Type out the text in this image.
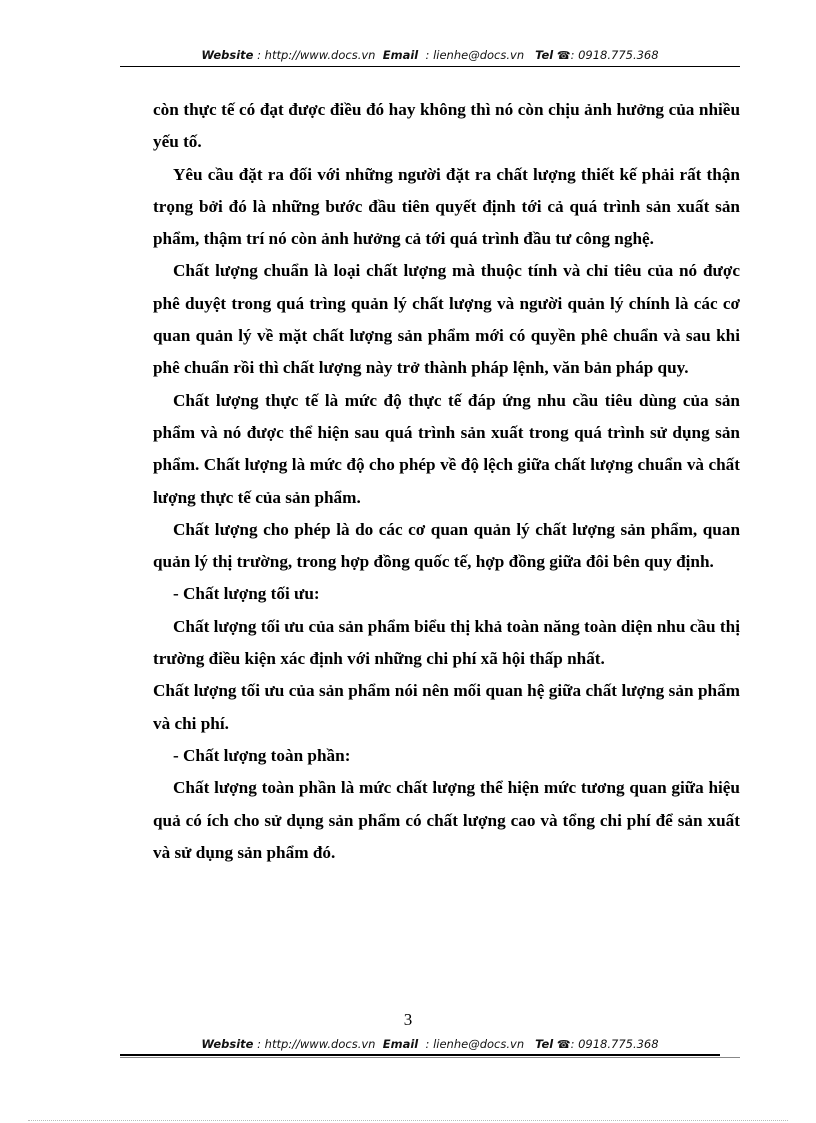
Website : http://www.docs.vn Email  : lienhe@docs.vn Tel ☎: 0918.775.368

còn thực tế có đạt được điều đó hay không thì nó còn chịu ảnh hưởng của nhiều yếu tố.

Yêu cầu đặt ra đối với những người đặt ra chất lượng thiết kế phải rất thận trọng bởi đó là những bước đầu tiên quyết định tới cả quá trình sản xuất sản phẩm, thậm trí nó còn ảnh hưởng cả tới quá trình đầu tư công nghệ.

Chất lượng chuẩn là loại chất lượng mà thuộc tính và chỉ tiêu của nó được phê duyệt trong quá trìng quản lý chất lượng và người quản lý chính là các cơ quan quản lý về mặt chất lượng sản phẩm mới có quyền phê chuẩn và sau khi phê chuẩn rồi thì chất lượng này trở thành pháp lệnh, văn bản pháp quy.

Chất lượng thực tế là mức độ thực tế đáp ứng nhu cầu tiêu dùng của sản phẩm và nó được thể hiện sau quá trình sản xuất trong quá trình sử dụng sản phẩm. Chất lượng là mức độ cho phép về độ lệch giữa chất lượng chuẩn và chất lượng thực tế của sản phẩm.

Chất lượng cho phép là do các cơ quan quản lý chất lượng sản phẩm, quan quản lý thị trường, trong hợp đồng quốc tế, hợp đồng giữa đôi bên quy định.

- Chất lượng tối ưu:

Chất lượng tối ưu của sản phẩm biểu thị khả toàn năng toàn diện nhu cầu thị trường điều kiện xác định với những chi phí xã hội thấp nhất.

Chất lượng tối ưu của sản phẩm nói nên mối quan hệ giữa chất lượng sản phẩm và chi phí.

- Chất lượng toàn phần:

Chất lượng toàn phần là mức chất lượng thể hiện mức tương quan giữa hiệu quả có ích cho sử dụng sản phẩm có chất lượng cao và tổng chi phí để sản xuất và sử dụng sản phẩm đó.

3
Website : http://www.docs.vn Email  : lienhe@docs.vn Tel ☎: 0918.775.368
